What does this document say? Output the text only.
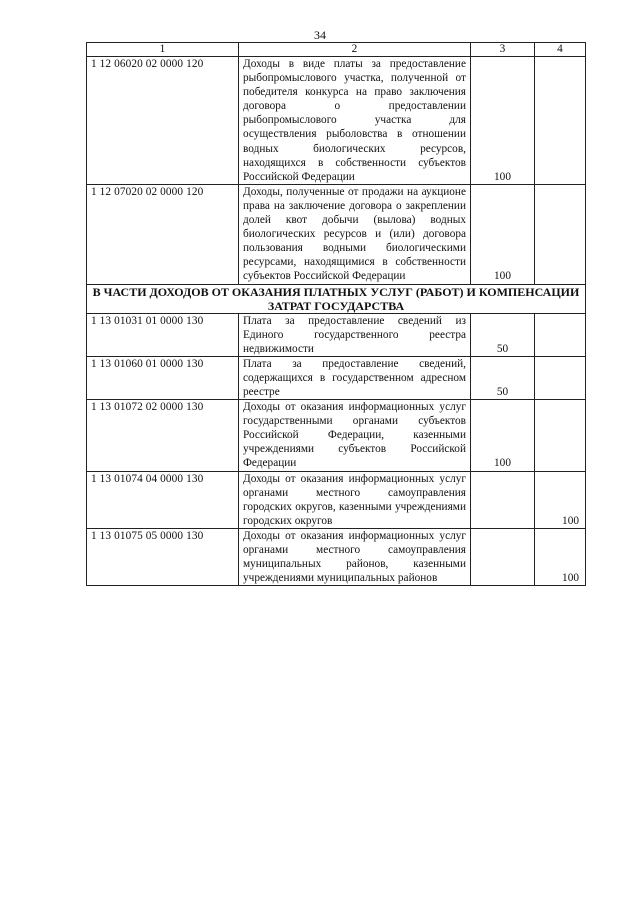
34
1	2	3	4
1 12 06020 02 0000 120	Доходы в виде платы за предоставление рыбопромыслового участка, полученной от победителя конкурса на право заключения договора о предоставлении рыбопромыслового участка для осуществления рыболовства в отношении водных биологических ресурсов, находящихся в собственности субъектов Российской Федерации	100	
1 12 07020 02 0000 120	Доходы, полученные от продажи на аукционе права на заключение договора о закреплении долей квот добычи (вылова) водных биологических ресурсов и (или) договора пользования водными биологическими ресурсами, находящимися в собственности субъектов Российской Федерации	100	
В ЧАСТИ ДОХОДОВ ОТ ОКАЗАНИЯ ПЛАТНЫХ УСЛУГ (РАБОТ) И КОМПЕНСАЦИИ ЗАТРАТ ГОСУДАРСТВА			
1 13 01031 01 0000 130	Плата за предоставление сведений из Единого государственного реестра недвижимости	50	
1 13 01060 01 0000 130	Плата за предоставление сведений, содержащихся в государственном адресном реестре	50	
1 13 01072 02 0000 130	Доходы от оказания информационных услуг государственными органами субъектов Российской Федерации, казенными учреждениями субъектов Российской Федерации	100	
1 13 01074 04 0000 130	Доходы от оказания информационных услуг органами местного самоуправления городских округов, казенными учреждениями городских округов		100
1 13 01075 05 0000 130	Доходы от оказания информационных услуг органами местного самоуправления муниципальных районов, казенными учреждениями муниципальных районов		100
